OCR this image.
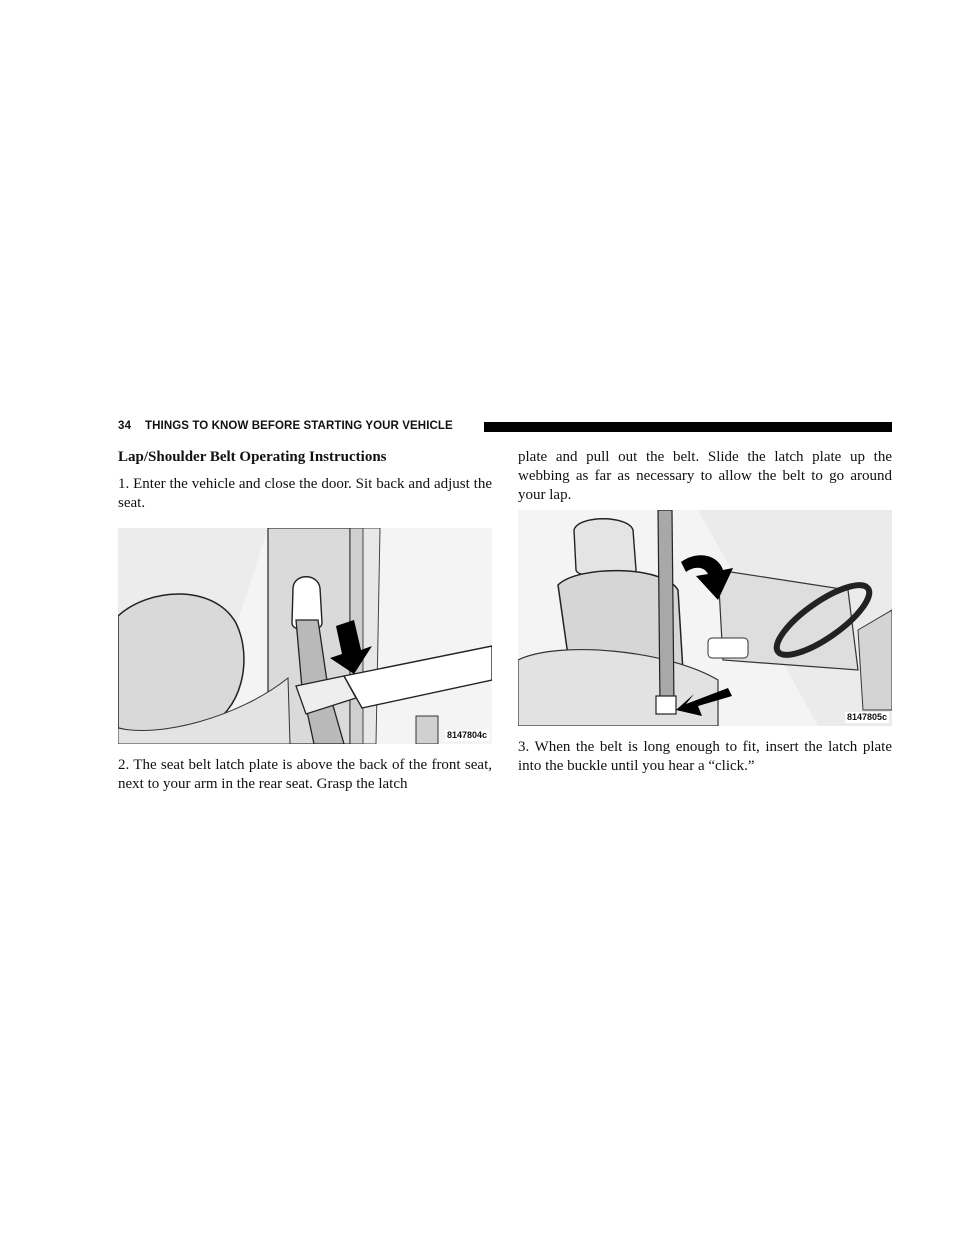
34 THINGS TO KNOW BEFORE STARTING YOUR VEHICLE
Lap/Shoulder Belt Operating Instructions

1. Enter the vehicle and close the door. Sit back and adjust the seat.

8147804c

2. The seat belt latch plate is above the back of the front seat, next to your arm in the rear seat. Grasp the latch

plate and pull out the belt. Slide the latch plate up the webbing as far as necessary to allow the belt to go around your lap.

8147805c

3. When the belt is long enough to fit, insert the latch plate into the buckle until you hear a “click.”
